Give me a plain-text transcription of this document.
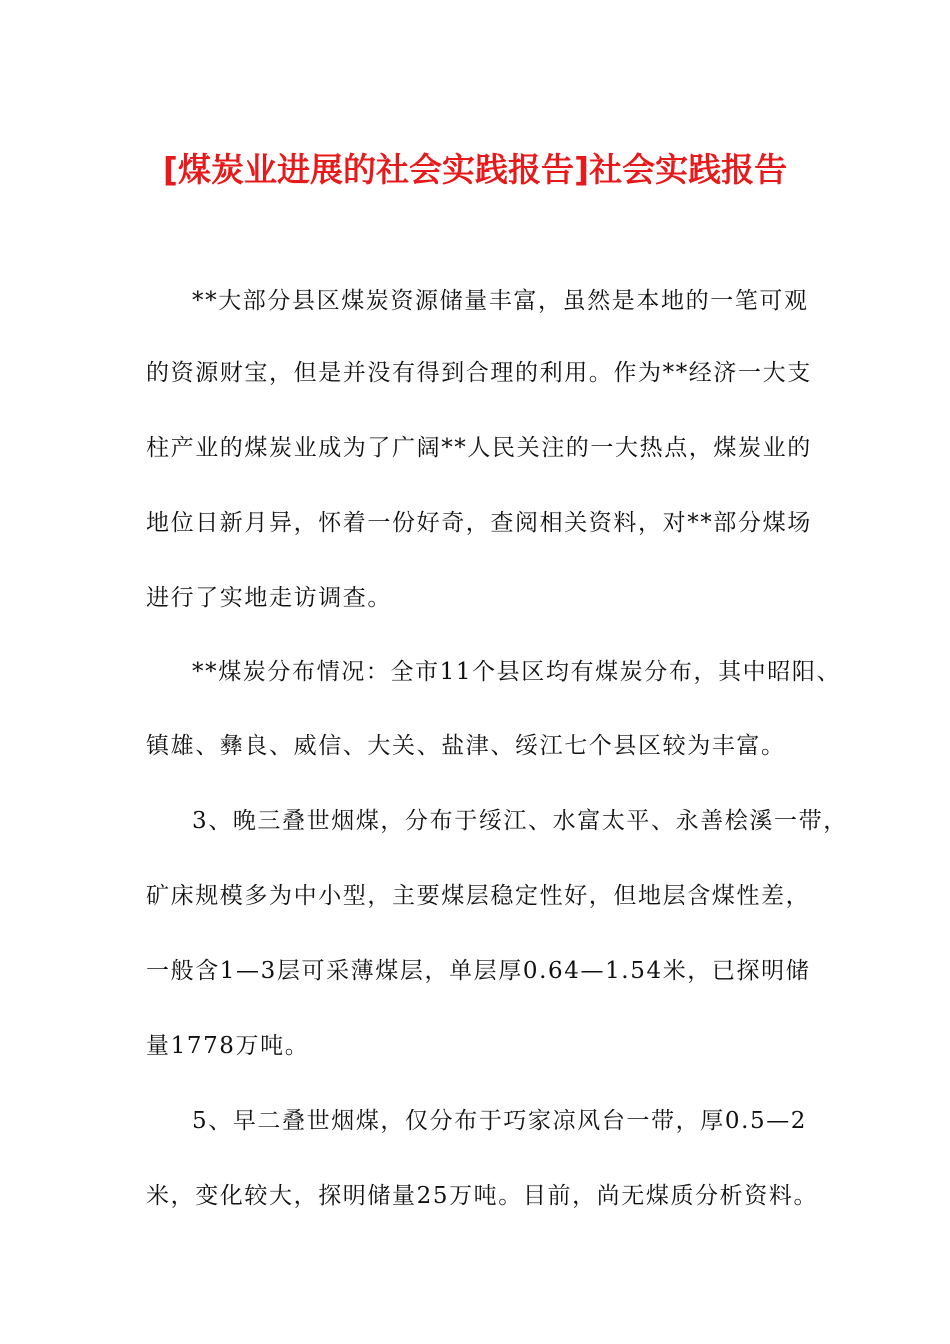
[煤炭业进展的社会实践报告]社会实践报告
**大部分县区煤炭资源储量丰富，虽然是本地的一笔可观
的资源财宝，但是并没有得到合理的利用。作为**经济一大支
柱产业的煤炭业成为了广阔**人民关注的一大热点，煤炭业的
地位日新月异，怀着一份好奇，查阅相关资料，对**部分煤场
进行了实地走访调查。
**煤炭分布情况：全市11个县区均有煤炭分布，其中昭阳、
镇雄、彝良、威信、大关、盐津、绥江七个县区较为丰富。
3、晚三叠世烟煤，分布于绥江、水富太平、永善桧溪一带，
矿床规模多为中小型，主要煤层稳定性好，但地层含煤性差，
一般含1—3层可采薄煤层，单层厚0.64—1.54米，已探明储
量1778万吨。
5、早二叠世烟煤，仅分布于巧家凉风台一带，厚0.5—2
米，变化较大，探明储量25万吨。目前，尚无煤质分析资料。
